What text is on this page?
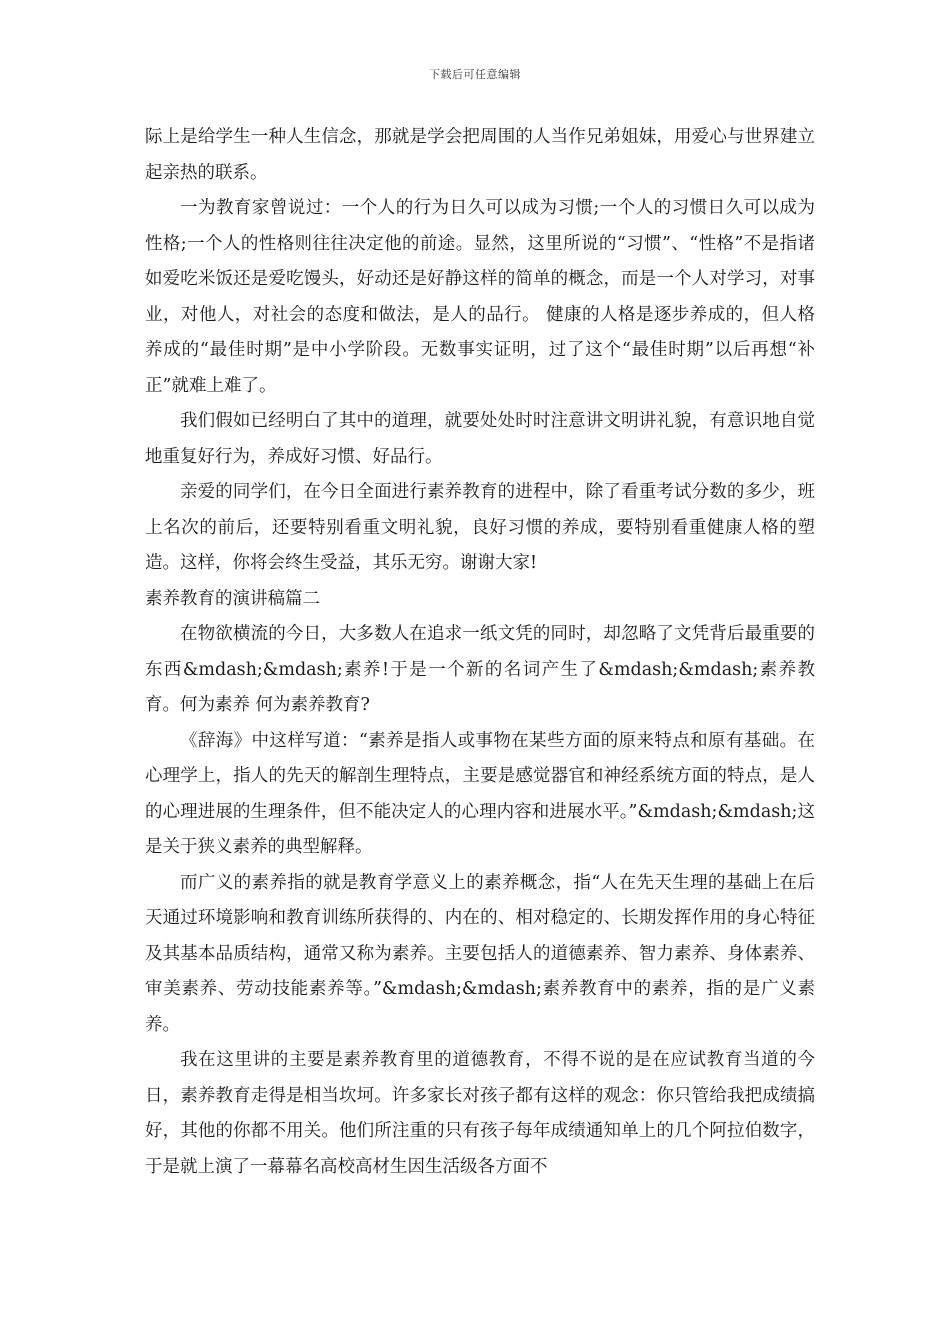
下载后可任意编辑

际上是给学生一种人生信念，那就是学会把周围的人当作兄弟姐妹，用爱心与世界建立起亲热的联系。

一为教育家曾说过：一个人的行为日久可以成为习惯;一个人的习惯日久可以成为性格;一个人的性格则往往决定他的前途。显然，这里所说的“习惯”、“性格”不是指诸如爱吃米饭还是爱吃馒头，好动还是好静这样的简单的概念，而是一个人对学习，对事业，对他人，对社会的态度和做法，是人的品行。 健康的人格是逐步养成的，但人格养成的“最佳时期”是中小学阶段。无数事实证明，过了这个“最佳时期”以后再想“补正”就难上难了。

我们假如已经明白了其中的道理，就要处处时时注意讲文明讲礼貌，有意识地自觉地重复好行为，养成好习惯、好品行。

亲爱的同学们，在今日全面进行素养教育的进程中，除了看重考试分数的多少，班上名次的前后，还要特别看重文明礼貌，良好习惯的养成，要特别看重健康人格的塑造。这样，你将会终生受益，其乐无穷。谢谢大家!

素养教育的演讲稿篇二

在物欲横流的今日，大多数人在追求一纸文凭的同时，却忽略了文凭背后最重要的东西&mdash;&mdash;素养!于是一个新的名词产生了&mdash;&mdash;素养教育。何为素养 何为素养教育?

《辞海》中这样写道：“素养是指人或事物在某些方面的原来特点和原有基础。在心理学上，指人的先天的解剖生理特点，主要是感觉器官和神经系统方面的特点，是人的心理进展的生理条件，但不能决定人的心理内容和进展水平。”&mdash;&mdash;这是关于狭义素养的典型解释。

而广义的素养指的就是教育学意义上的素养概念，指“人在先天生理的基础上在后天通过环境影响和教育训练所获得的、内在的、相对稳定的、长期发挥作用的身心特征及其基本品质结构，通常又称为素养。主要包括人的道德素养、智力素养、身体素养、审美素养、劳动技能素养等。”&mdash;&mdash;素养教育中的素养，指的是广义素养。

我在这里讲的主要是素养教育里的道德教育，不得不说的是在应试教育当道的今日，素养教育走得是相当坎坷。许多家长对孩子都有这样的观念：你只管给我把成绩搞好，其他的你都不用关。他们所注重的只有孩子每年成绩通知单上的几个阿拉伯数字，于是就上演了一幕幕名高校高材生因生活级各方面不
